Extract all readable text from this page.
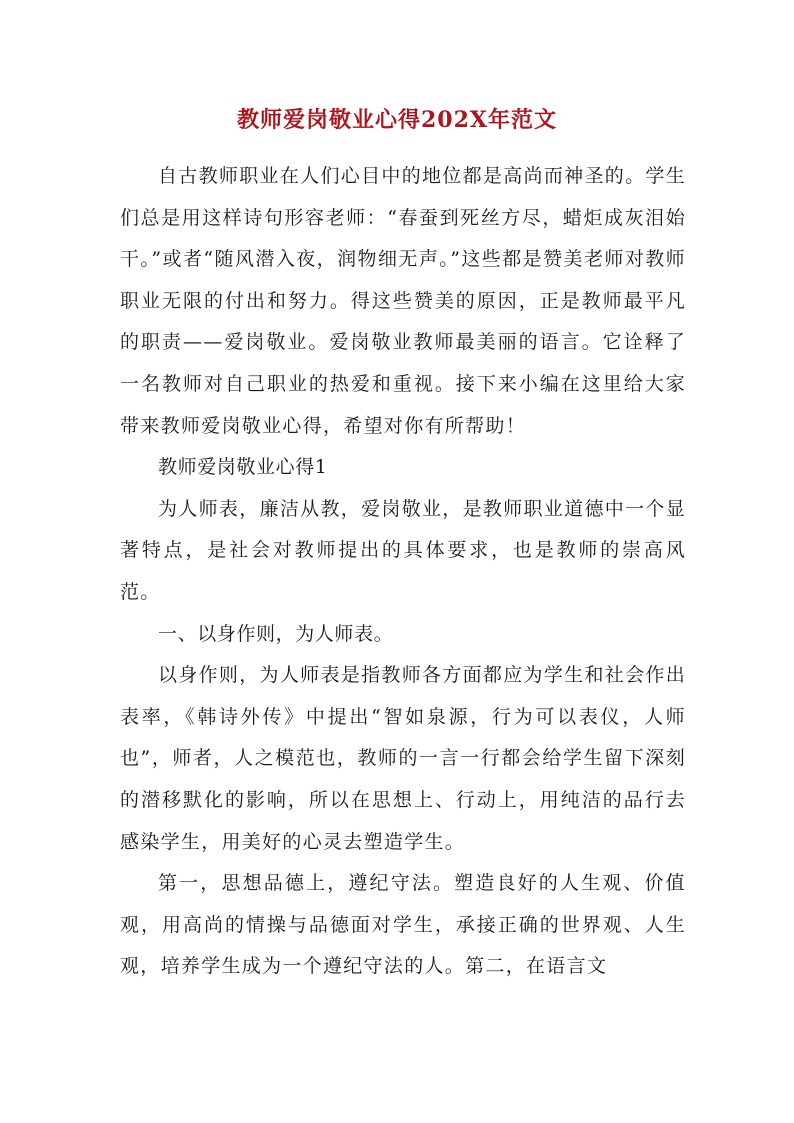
教师爱岗敬业心得202X年范文

自古教师职业在人们心目中的地位都是高尚而神圣的。学生们总是用这样诗句形容老师：“春蚕到死丝方尽，蜡炬成灰泪始干。”或者“随风潜入夜，润物细无声。”这些都是赞美老师对教师职业无限的付出和努力。得这些赞美的原因，正是教师最平凡的职责——爱岗敬业。爱岗敬业教师最美丽的语言。它诠释了一名教师对自己职业的热爱和重视。接下来小编在这里给大家带来教师爱岗敬业心得，希望对你有所帮助！

教师爱岗敬业心得1

为人师表，廉洁从教，爱岗敬业，是教师职业道德中一个显著特点，是社会对教师提出的具体要求，也是教师的崇高风范。

一、以身作则，为人师表。

以身作则，为人师表是指教师各方面都应为学生和社会作出表率，《韩诗外传》中提出“智如泉源，行为可以表仪，人师也”，师者，人之模范也，教师的一言一行都会给学生留下深刻的潜移默化的影响，所以在思想上、行动上，用纯洁的品行去感染学生，用美好的心灵去塑造学生。

第一，思想品德上，遵纪守法。塑造良好的人生观、价值观，用高尚的情操与品德面对学生，承接正确的世界观、人生观，培养学生成为一个遵纪守法的人。第二，在语言文
